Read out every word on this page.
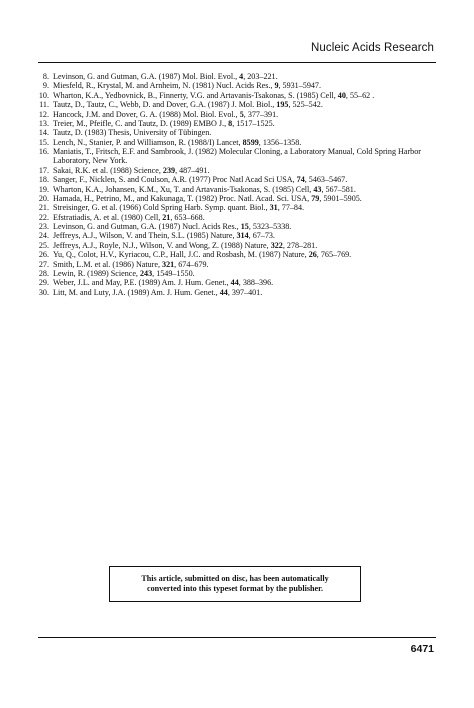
Nucleic Acids Research
8. Levinson, G. and Gutman, G.A. (1987) Mol. Biol. Evol., 4, 203–221.
9. Miesfeld, R., Krystal, M. and Arnheim, N. (1981) Nucl. Acids Res., 9, 5931–5947.
10. Wharton, K.A., Yedbovnick, B., Finnerty, V.G. and Artavanis-Tsakonas, S. (1985) Cell, 40, 55–62 .
11. Tautz, D., Tautz, C., Webb, D. and Dover, G.A. (1987) J. Mol. Biol., 195, 525–542.
12. Hancock, J.M. and Dover, G. A. (1988) Mol. Biol. Evol., 5, 377–391.
13. Treier, M., Pfeifle, C. and Tautz, D. (1989) EMBO J., 8, 1517–1525.
14. Tautz, D. (1983) Thesis, University of Tübingen.
15. Lench, N., Stanier, P. and Williamson, R. (1988/I) Lancet, 8599, 1356–1358.
16. Maniatis, T., Fritsch, E.F. and Sambrook, J. (1982) Molecular Cloning, a Laboratory Manual, Cold Spring Harbor Laboratory, New York.
17. Sakai, R.K. et al. (1988) Science, 239, 487–491.
18. Sanger, F., Nicklen, S. and Coulson, A.R. (1977) Proc Natl Acad Sci USA, 74, 5463–5467.
19. Wharton, K.A., Johansen, K.M., Xu, T. and Artavanis-Tsakonas, S. (1985) Cell, 43, 567–581.
20. Hamada, H., Petrino, M., and Kakunaga, T. (1982) Proc. Natl. Acad. Sci. USA, 79, 5901–5905.
21. Streisinger, G. et al. (1966) Cold Spring Harb. Symp. quant. Biol., 31, 77–84.
22. Efstratiadis, A. et al. (1980) Cell, 21, 653–668.
23. Levinson, G. and Gutman, G.A. (1987) Nucl. Acids Res., 15, 5323–5338.
24. Jeffreys, A.J., Wilson, V. and Thein, S.L. (1985) Nature, 314, 67–73.
25. Jeffreys, A.J., Royle, N.J., Wilson, V. and Wong, Z. (1988) Nature, 322, 278–281.
26. Yu, Q., Colot, H.V., Kyriacou, C.P., Hall, J.C. and Rosbash, M. (1987) Nature, 26, 765–769.
27. Smith, L.M. et al. (1986) Nature, 321, 674–679.
28. Lewin, R. (1989) Science, 243, 1549–1550.
29. Weber, J.L. and May, P.E. (1989) Am. J. Hum. Genet., 44, 388–396.
30. Litt, M. and Luty, J.A. (1989) Am. J. Hum. Genet., 44, 397–401.
This article, submitted on disc, has been automatically
converted into this typeset format by the publisher.
6471
